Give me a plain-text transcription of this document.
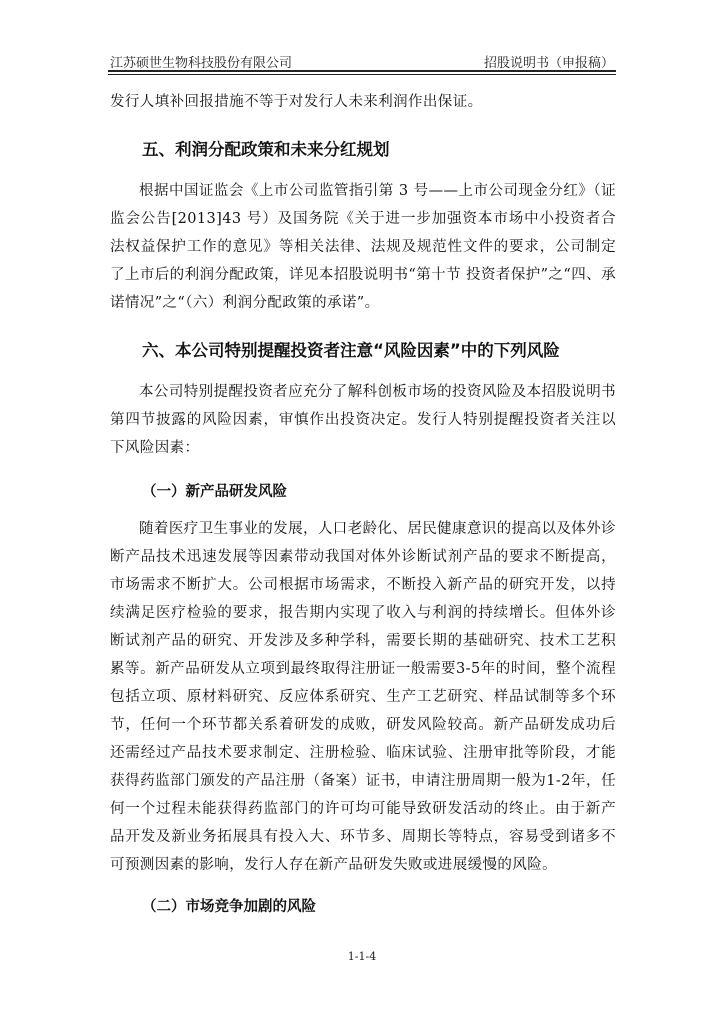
江苏硕世生物科技股份有限公司	招股说明书（申报稿）

发行人填补回报措施不等于对发行人未来利润作出保证。

五、利润分配政策和未来分红规划

根据中国证监会《上市公司监管指引第 3 号——上市公司现金分红》（证监会公告[2013]43 号）及国务院《关于进一步加强资本市场中小投资者合法权益保护工作的意见》等相关法律、法规及规范性文件的要求，公司制定了上市后的利润分配政策，详见本招股说明书“第十节 投资者保护”之“四、承诺情况”之“（六）利润分配政策的承诺”。

六、本公司特别提醒投资者注意“风险因素”中的下列风险

本公司特别提醒投资者应充分了解科创板市场的投资风险及本招股说明书第四节披露的风险因素，审慎作出投资决定。发行人特别提醒投资者关注以下风险因素：

（一）新产品研发风险

随着医疗卫生事业的发展，人口老龄化、居民健康意识的提高以及体外诊断产品技术迅速发展等因素带动我国对体外诊断试剂产品的要求不断提高，市场需求不断扩大。公司根据市场需求，不断投入新产品的研究开发，以持续满足医疗检验的要求，报告期内实现了收入与利润的持续增长。但体外诊断试剂产品的研究、开发涉及多种学科，需要长期的基础研究、技术工艺积累等。新产品研发从立项到最终取得注册证一般需要3-5年的时间，整个流程包括立项、原材料研究、反应体系研究、生产工艺研究、样品试制等多个环节，任何一个环节都关系着研发的成败，研发风险较高。新产品研发成功后还需经过产品技术要求制定、注册检验、临床试验、注册审批等阶段，才能获得药监部门颁发的产品注册（备案）证书，申请注册周期一般为1-2年，任何一个过程未能获得药监部门的许可均可能导致研发活动的终止。由于新产品开发及新业务拓展具有投入大、环节多、周期长等特点，容易受到诸多不可预测因素的影响，发行人存在新产品研发失败或进展缓慢的风险。

（二）市场竞争加剧的风险
1-1-4
